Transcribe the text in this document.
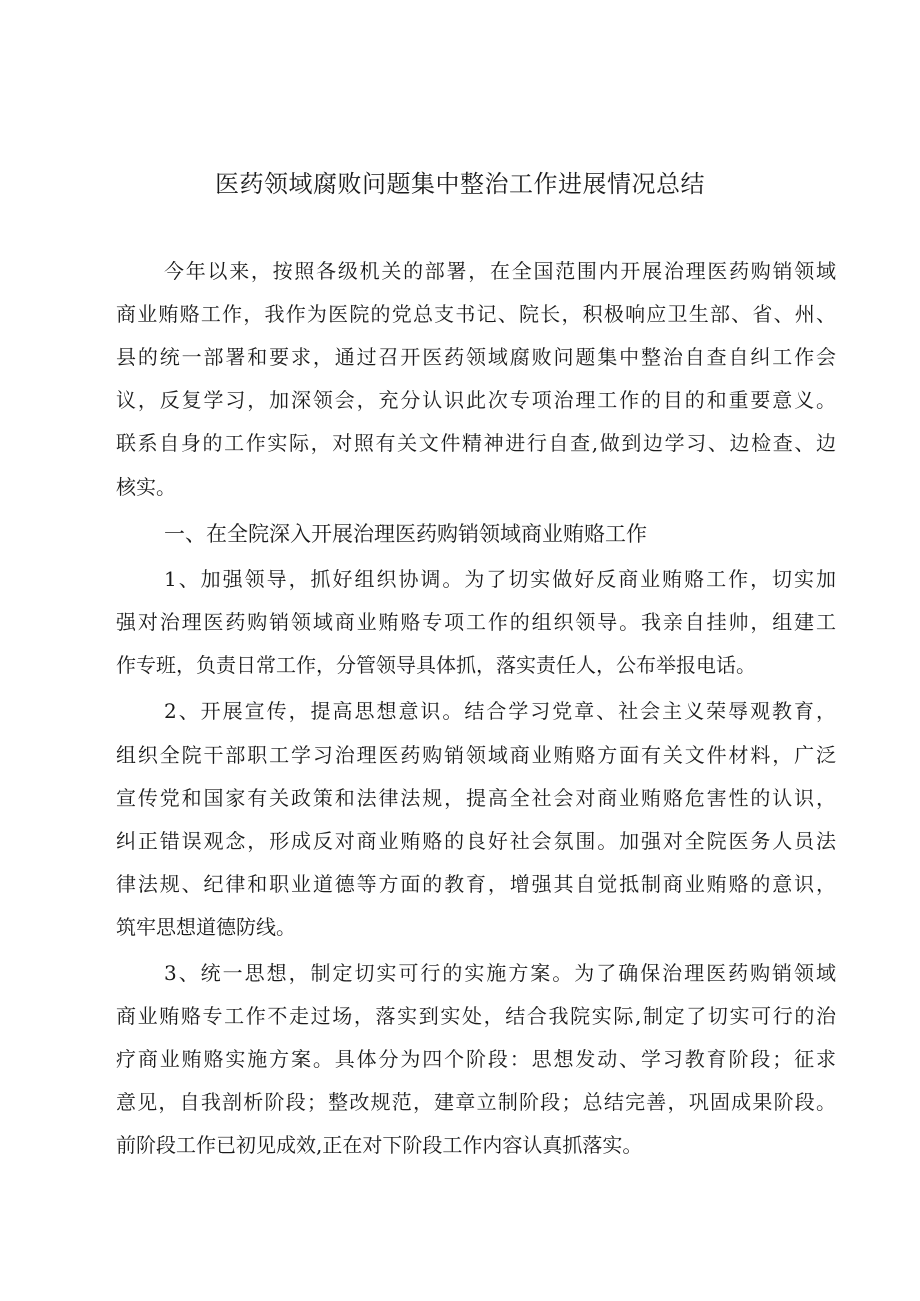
医药领域腐败问题集中整治工作进展情况总结
今年以来，按照各级机关的部署，在全国范围内开展治理医药购销领域
商业贿赂工作，我作为医院的党总支书记、院长，积极响应卫生部、省、州、
县的统一部署和要求，通过召开医药领域腐败问题集中整治自查自纠工作会
议，反复学习，加深领会，充分认识此次专项治理工作的目的和重要意义。
联系自身的工作实际，对照有关文件精神进行自查,做到边学习、边检查、边
核实。
一、在全院深入开展治理医药购销领域商业贿赂工作
1、加强领导，抓好组织协调。为了切实做好反商业贿赂工作，切实加
强对治理医药购销领域商业贿赂专项工作的组织领导。我亲自挂帅，组建工
作专班，负责日常工作，分管领导具体抓，落实责任人，公布举报电话。
2、开展宣传，提高思想意识。结合学习党章、社会主义荣辱观教育，
组织全院干部职工学习治理医药购销领域商业贿赂方面有关文件材料，广泛
宣传党和国家有关政策和法律法规，提高全社会对商业贿赂危害性的认识，
纠正错误观念，形成反对商业贿赂的良好社会氛围。加强对全院医务人员法
律法规、纪律和职业道德等方面的教育，增强其自觉抵制商业贿赂的意识，
筑牢思想道德防线。
3、统一思想，制定切实可行的实施方案。为了确保治理医药购销领域
商业贿赂专工作不走过场，落实到实处，结合我院实际,制定了切实可行的治
疗商业贿赂实施方案。具体分为四个阶段：思想发动、学习教育阶段；征求
意见，自我剖析阶段；整改规范，建章立制阶段；总结完善，巩固成果阶段。
前阶段工作已初见成效,正在对下阶段工作内容认真抓落实。
